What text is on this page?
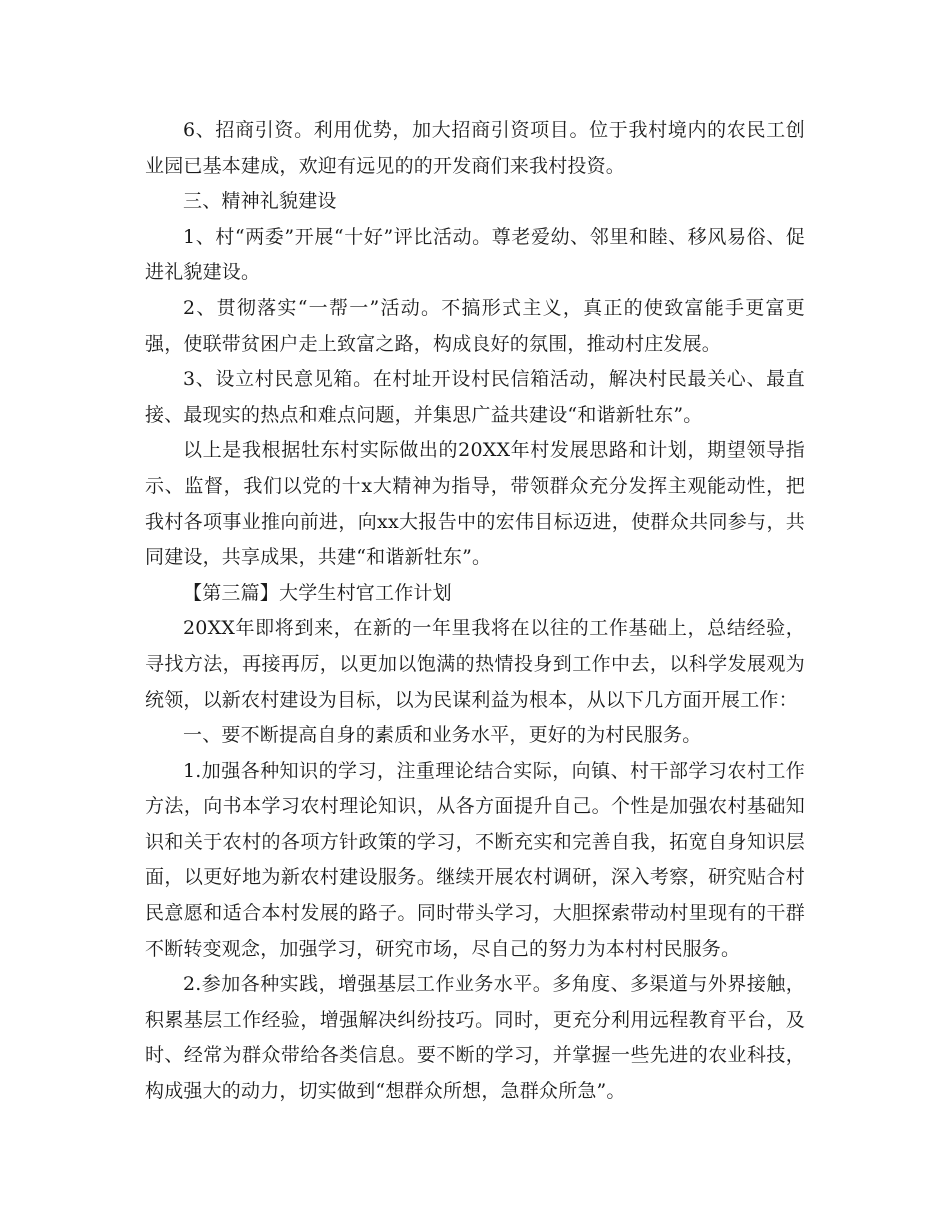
6、招商引资。利用优势，加大招商引资项目。位于我村境内的农民工创业园已基本建成，欢迎有远见的的开发商们来我村投资。

三、精神礼貌建设

1、村“两委”开展“十好”评比活动。尊老爱幼、邻里和睦、移风易俗、促进礼貌建设。

2、贯彻落实“一帮一”活动。不搞形式主义，真正的使致富能手更富更强，使联带贫困户走上致富之路，构成良好的氛围，推动村庄发展。

3、设立村民意见箱。在村址开设村民信箱活动，解决村民最关心、最直接、最现实的热点和难点问题，并集思广益共建设“和谐新牡东”。

以上是我根据牡东村实际做出的20XX年村发展思路和计划，期望领导指示、监督，我们以党的十x大精神为指导，带领群众充分发挥主观能动性，把我村各项事业推向前进，向xx大报告中的宏伟目标迈进，使群众共同参与，共同建设，共享成果，共建“和谐新牡东”。

【第三篇】大学生村官工作计划

20XX年即将到来，在新的一年里我将在以往的工作基础上，总结经验，寻找方法，再接再厉，以更加以饱满的热情投身到工作中去，以科学发展观为统领，以新农村建设为目标，以为民谋利益为根本，从以下几方面开展工作：

一、要不断提高自身的素质和业务水平，更好的为村民服务。

1.加强各种知识的学习，注重理论结合实际，向镇、村干部学习农村工作方法，向书本学习农村理论知识，从各方面提升自己。个性是加强农村基础知识和关于农村的各项方针政策的学习，不断充实和完善自我，拓宽自身知识层面，以更好地为新农村建设服务。继续开展农村调研，深入考察，研究贴合村民意愿和适合本村发展的路子。同时带头学习，大胆探索带动村里现有的干群不断转变观念，加强学习，研究市场，尽自己的努力为本村村民服务。

2.参加各种实践，增强基层工作业务水平。多角度、多渠道与外界接触，积累基层工作经验，增强解决纠纷技巧。同时，更充分利用远程教育平台，及时、经常为群众带给各类信息。要不断的学习，并掌握一些先进的农业科技，构成强大的动力，切实做到“想群众所想，急群众所急”。
